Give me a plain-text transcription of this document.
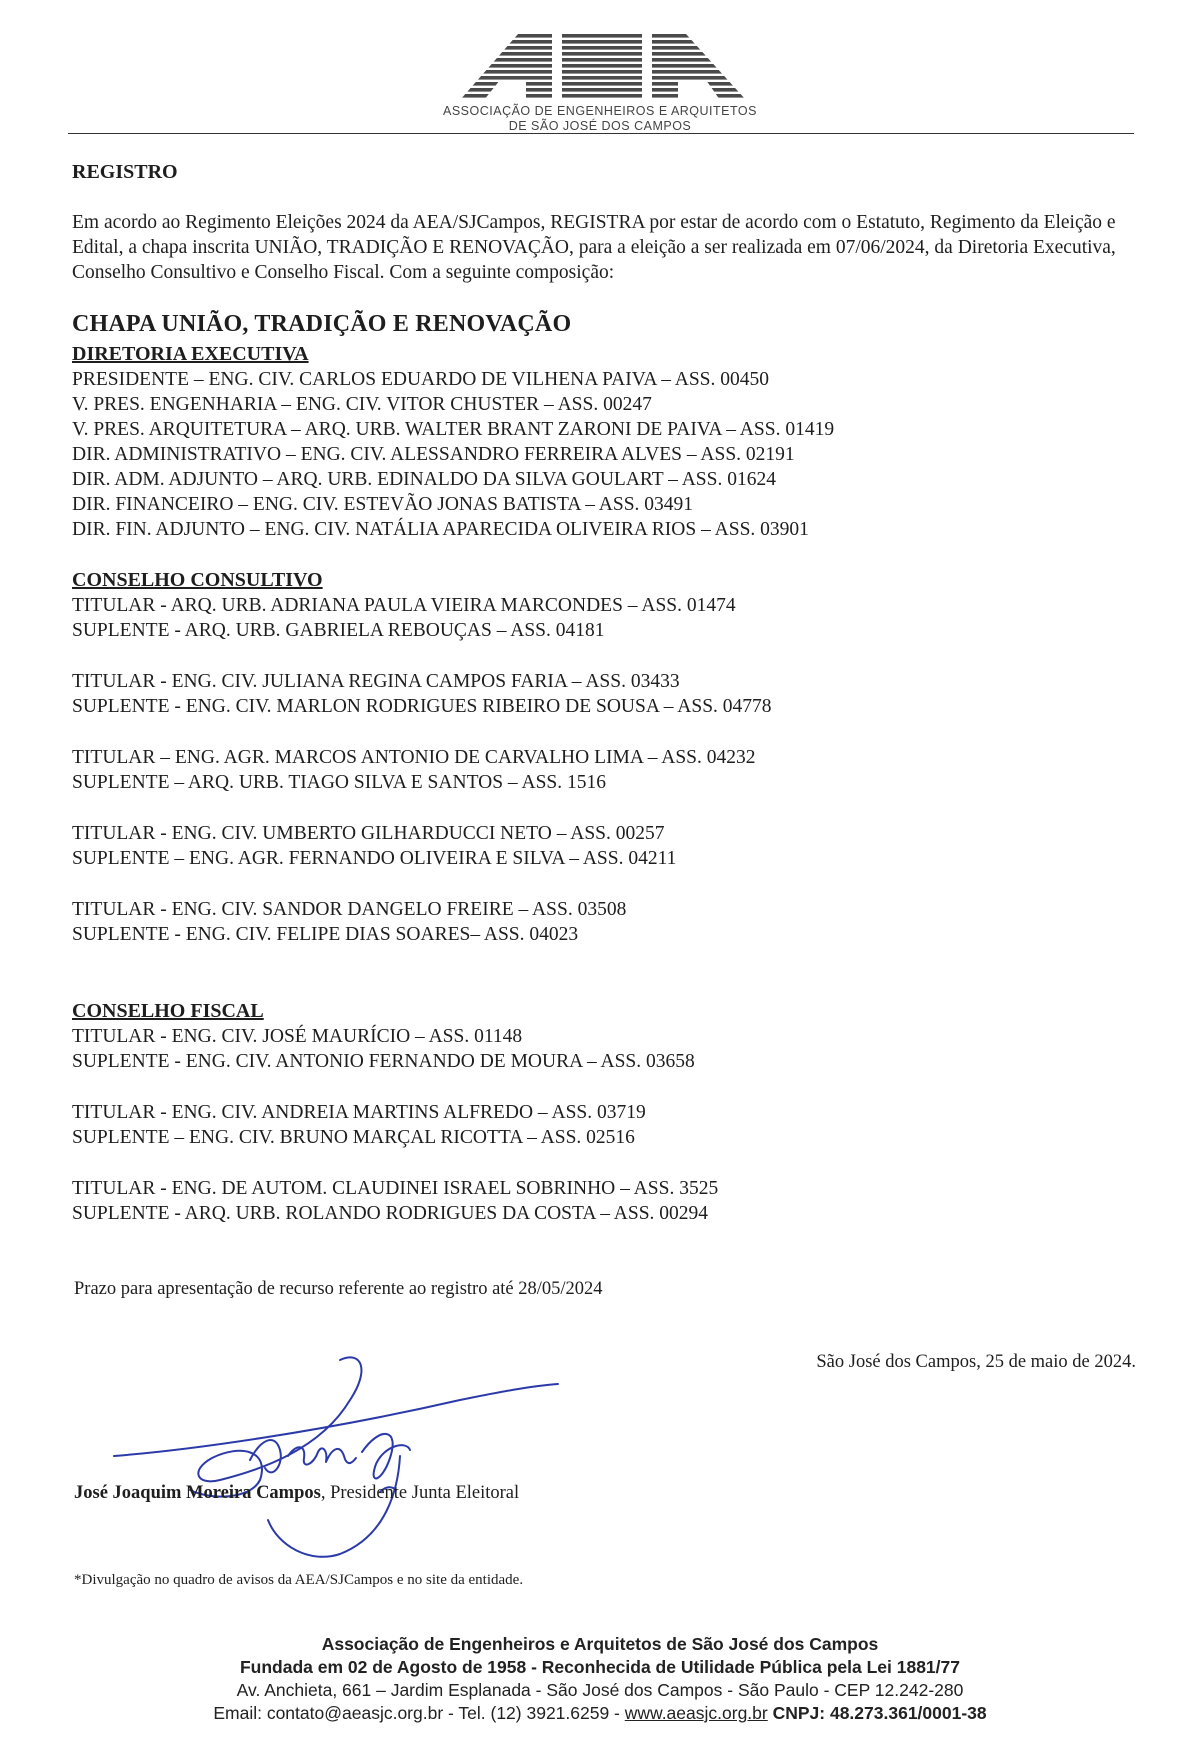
ASSOCIAÇÃO DE ENGENHEIROS E ARQUITETOS
DE SÃO JOSÉ DOS CAMPOS
REGISTRO
Em acordo ao Regimento Eleições 2024 da AEA/SJCampos, REGISTRA por estar de acordo com o Estatuto, Regimento da Eleição e Edital, a chapa inscrita UNIÃO, TRADIÇÃO E RENOVAÇÃO, para a eleição a ser realizada em 07/06/2024, da Diretoria Executiva, Conselho Consultivo e Conselho Fiscal. Com a seguinte composição:
CHAPA UNIÃO, TRADIÇÃO E RENOVAÇÃO
DIRETORIA EXECUTIVA
PRESIDENTE – ENG. CIV. CARLOS EDUARDO DE VILHENA PAIVA – ASS. 00450
V. PRES. ENGENHARIA – ENG. CIV. VITOR CHUSTER – ASS. 00247
V. PRES. ARQUITETURA – ARQ. URB. WALTER BRANT ZARONI DE PAIVA – ASS. 01419
DIR. ADMINISTRATIVO – ENG. CIV. ALESSANDRO FERREIRA ALVES – ASS. 02191
DIR. ADM. ADJUNTO – ARQ. URB. EDINALDO DA SILVA GOULART – ASS. 01624
DIR. FINANCEIRO – ENG. CIV. ESTEVÃO JONAS BATISTA – ASS. 03491
DIR. FIN. ADJUNTO – ENG. CIV. NATÁLIA APARECIDA OLIVEIRA RIOS – ASS. 03901
CONSELHO CONSULTIVO
TITULAR - ARQ. URB. ADRIANA PAULA VIEIRA MARCONDES – ASS. 01474
SUPLENTE - ARQ. URB. GABRIELA REBOUÇAS – ASS. 04181
TITULAR - ENG. CIV. JULIANA REGINA CAMPOS FARIA – ASS. 03433
SUPLENTE - ENG. CIV. MARLON RODRIGUES RIBEIRO DE SOUSA – ASS. 04778
TITULAR – ENG. AGR. MARCOS ANTONIO DE CARVALHO LIMA – ASS. 04232
SUPLENTE – ARQ. URB. TIAGO SILVA E SANTOS – ASS. 1516
TITULAR - ENG. CIV. UMBERTO GILHARDUCCI NETO – ASS. 00257
SUPLENTE – ENG. AGR. FERNANDO OLIVEIRA E SILVA – ASS. 04211
TITULAR - ENG. CIV. SANDOR DANGELO FREIRE – ASS. 03508
SUPLENTE - ENG. CIV. FELIPE DIAS SOARES– ASS. 04023
CONSELHO FISCAL
TITULAR - ENG. CIV. JOSÉ MAURÍCIO – ASS. 01148
SUPLENTE - ENG. CIV. ANTONIO FERNANDO DE MOURA – ASS. 03658
TITULAR - ENG. CIV. ANDREIA MARTINS ALFREDO – ASS. 03719
SUPLENTE – ENG. CIV. BRUNO MARÇAL RICOTTA – ASS. 02516
TITULAR - ENG. DE AUTOM. CLAUDINEI ISRAEL SOBRINHO – ASS. 3525
SUPLENTE - ARQ. URB. ROLANDO RODRIGUES DA COSTA – ASS. 00294
Prazo para apresentação de recurso referente ao registro até 28/05/2024
São José dos Campos, 25 de maio de 2024.
José Joaquim Moreira Campos, Presidente Junta Eleitoral
*Divulgação no quadro de avisos da AEA/SJCampos e no site da entidade.
Associação de Engenheiros e Arquitetos de São José dos Campos
Fundada em 02 de Agosto de 1958 - Reconhecida de Utilidade Pública pela Lei 1881/77
Av. Anchieta, 661 – Jardim Esplanada - São José dos Campos - São Paulo - CEP 12.242-280
Email: contato@aeasjc.org.br - Tel. (12) 3921.6259 - www.aeasjc.org.br CNPJ: 48.273.361/0001-38
